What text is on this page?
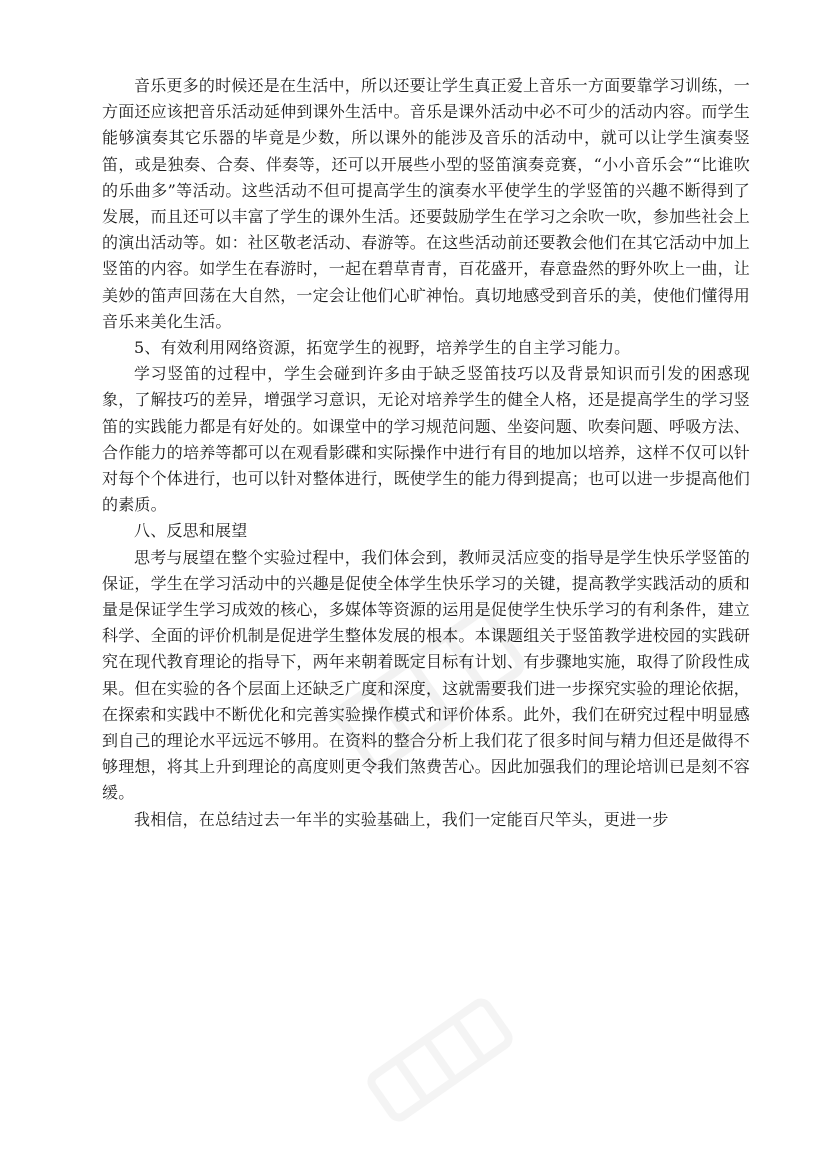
音乐更多的时候还是在生活中，所以还要让学生真正爱上音乐一方面要靠学习训练，一方面还应该把音乐活动延伸到课外生活中。音乐是课外活动中必不可少的活动内容。而学生能够演奏其它乐器的毕竟是少数，所以课外的能涉及音乐的活动中，就可以让学生演奏竖笛，或是独奏、合奏、伴奏等，还可以开展些小型的竖笛演奏竞赛，“小小音乐会”“比谁吹的乐曲多”等活动。这些活动不但可提高学生的演奏水平使学生的学竖笛的兴趣不断得到了发展，而且还可以丰富了学生的课外生活。还要鼓励学生在学习之余吹一吹，参加些社会上的演出活动等。如：社区敬老活动、春游等。在这些活动前还要教会他们在其它活动中加上竖笛的内容。如学生在春游时，一起在碧草青青，百花盛开，春意盎然的野外吹上一曲，让美妙的笛声回荡在大自然，一定会让他们心旷神怡。真切地感受到音乐的美，使他们懂得用音乐来美化生活。

5、有效利用网络资源，拓宽学生的视野，培养学生的自主学习能力。

学习竖笛的过程中，学生会碰到许多由于缺乏竖笛技巧以及背景知识而引发的困惑现象，了解技巧的差异，增强学习意识，无论对培养学生的健全人格，还是提高学生的学习竖笛的实践能力都是有好处的。如课堂中的学习规范问题、坐姿问题、吹奏问题、呼吸方法、合作能力的培养等都可以在观看影碟和实际操作中进行有目的地加以培养，这样不仅可以针对每个个体进行，也可以针对整体进行，既使学生的能力得到提高；也可以进一步提高他们的素质。

八、反思和展望

思考与展望在整个实验过程中，我们体会到，教师灵活应变的指导是学生快乐学竖笛的保证，学生在学习活动中的兴趣是促使全体学生快乐学习的关键，提高教学实践活动的质和量是保证学生学习成效的核心，多媒体等资源的运用是促使学生快乐学习的有利条件，建立科学、全面的评价机制是促进学生整体发展的根本。本课题组关于竖笛教学进校园的实践研究在现代教育理论的指导下，两年来朝着既定目标有计划、有步骤地实施，取得了阶段性成果。但在实验的各个层面上还缺乏广度和深度，这就需要我们进一步探究实验的理论依据，在探索和实践中不断优化和完善实验操作模式和评价体系。此外，我们在研究过程中明显感到自己的理论水平远远不够用。在资料的整合分析上我们花了很多时间与精力但还是做得不够理想，将其上升到理论的高度则更令我们煞费苦心。因此加强我们的理论培训已是刻不容缓。

我相信，在总结过去一年半的实验基础上，我们一定能百尺竿头，更进一步
